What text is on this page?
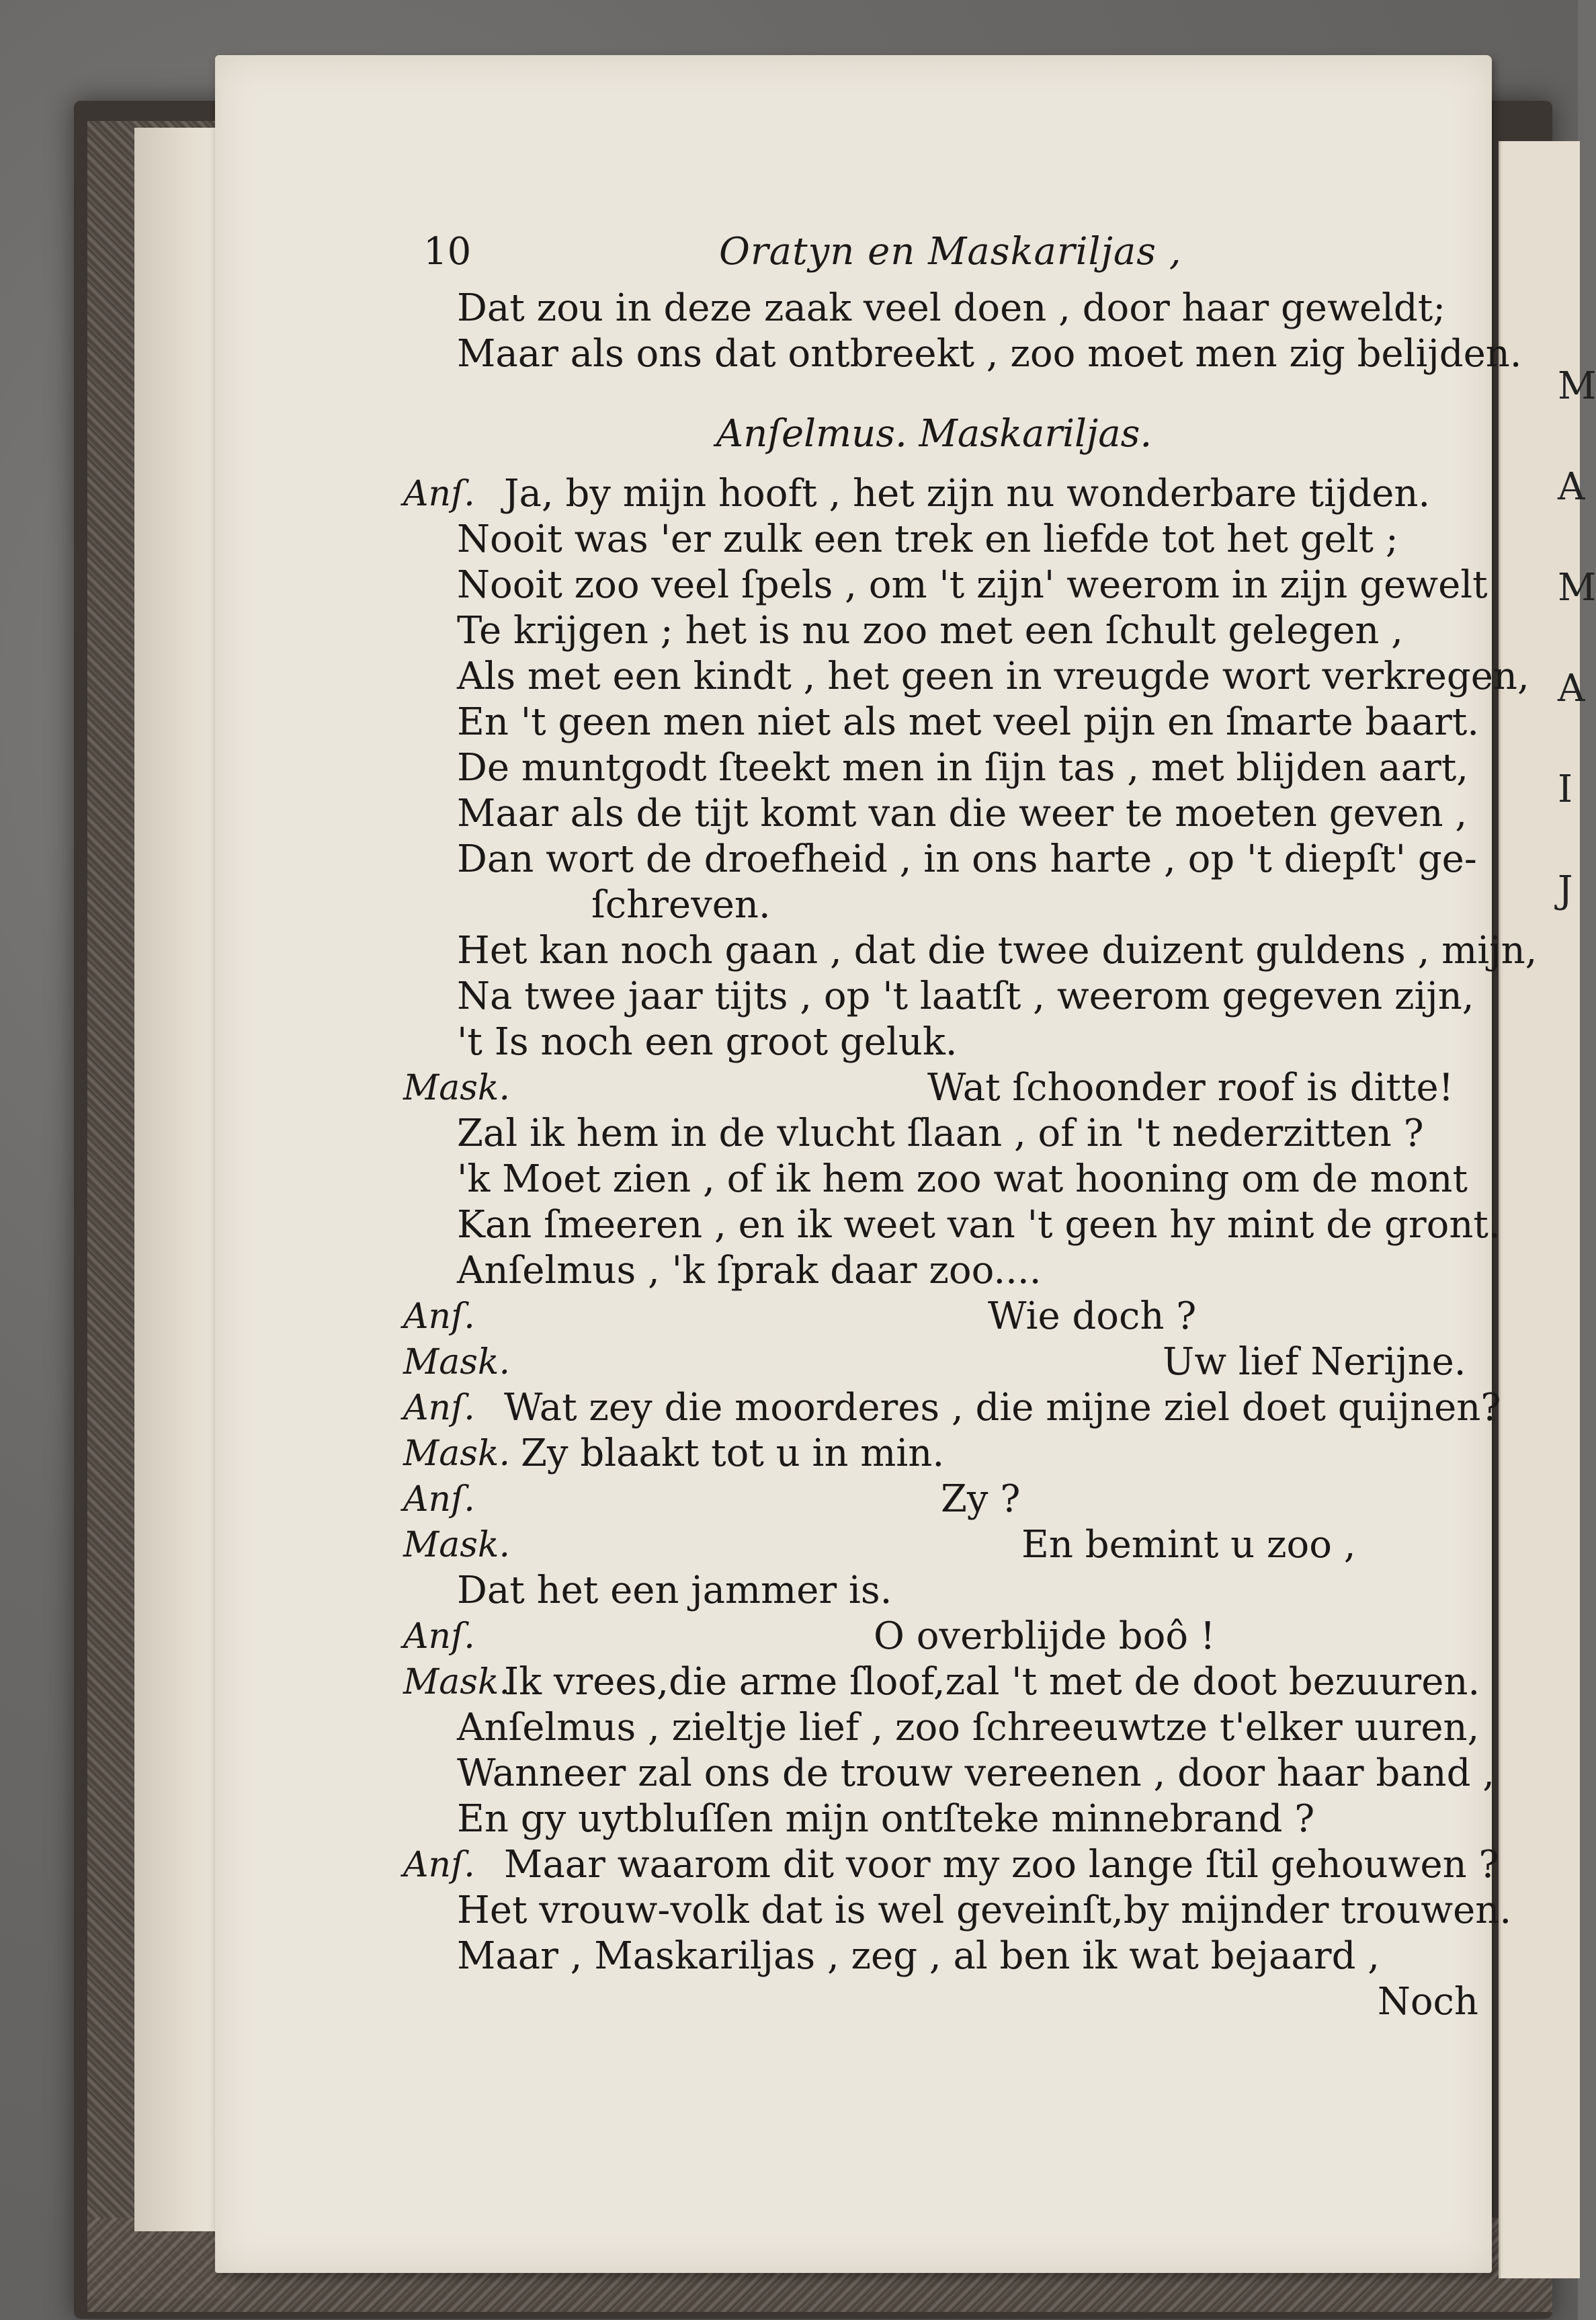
M
A
M
A
I
J
10	Oratyn en Maskariljas ,
Dat zou in deze zaak veel doen , door haar geweldt;
Maar als ons dat ontbreekt , zoo moet men zig belijden.
Anſelmus. Maskariljas.
Anſ. Ja, by mijn hooft , het zijn nu wonderbare tijden.
Nooit was 'er zulk een trek en liefde tot het gelt ;
Nooit zoo veel ſpels , om 't zijn' weerom in zijn gewelt
Te krijgen ; het is nu zoo met een ſchult gelegen ,
Als met een kindt , het geen in vreugde wort verkregen,
En 't geen men niet als met veel pijn en ſmarte baart.
De muntgodt ſteekt men in ſijn tas , met blijden aart,
Maar als de tijt komt van die weer te moeten geven ,
Dan wort de droefheid , in ons harte , op 't diepſt' ge-
ſchreven.
Het kan noch gaan , dat die twee duizent guldens , mijn,
Na twee jaar tijts , op 't laatſt , weerom gegeven zijn,
't Is noch een groot geluk.
Mask.	Wat ſchoonder roof is ditte!
Zal ik hem in de vlucht ſlaan , of in 't nederzitten ?
'k Moet zien , of ik hem zoo wat hooning om de mont
Kan ſmeeren , en ik weet van 't geen hy mint de gront.
Anſelmus , 'k ſprak daar zoo....
Anſ.	Wie doch ?
Mask.	Uw lief Nerijne.
Anſ. Wat zey die moorderes , die mijne ziel doet quijnen?
Mask. Zy blaakt tot u in min.
Anſ.	Zy ?
Mask.	En bemint u zoo ,
Dat het een jammer is.
Anſ.	O overblijde boô !
Mask.
Ik vrees,die arme ſloof,zal 't met de doot bezuuren.
Anſelmus , zieltje lief , zoo ſchreeuwtze t'elker uuren,
Wanneer zal ons de trouw vereenen , door haar band ,
En gy uytbluſſen mijn ontſteke minnebrand ?
Anſ. Maar waarom dit voor my zoo lange ſtil gehouwen ?
Het vrouw-volk dat is wel geveinſt,by mijnder trouwen.
Maar , Maskariljas , zeg , al ben ik wat bejaard ,
Noch
